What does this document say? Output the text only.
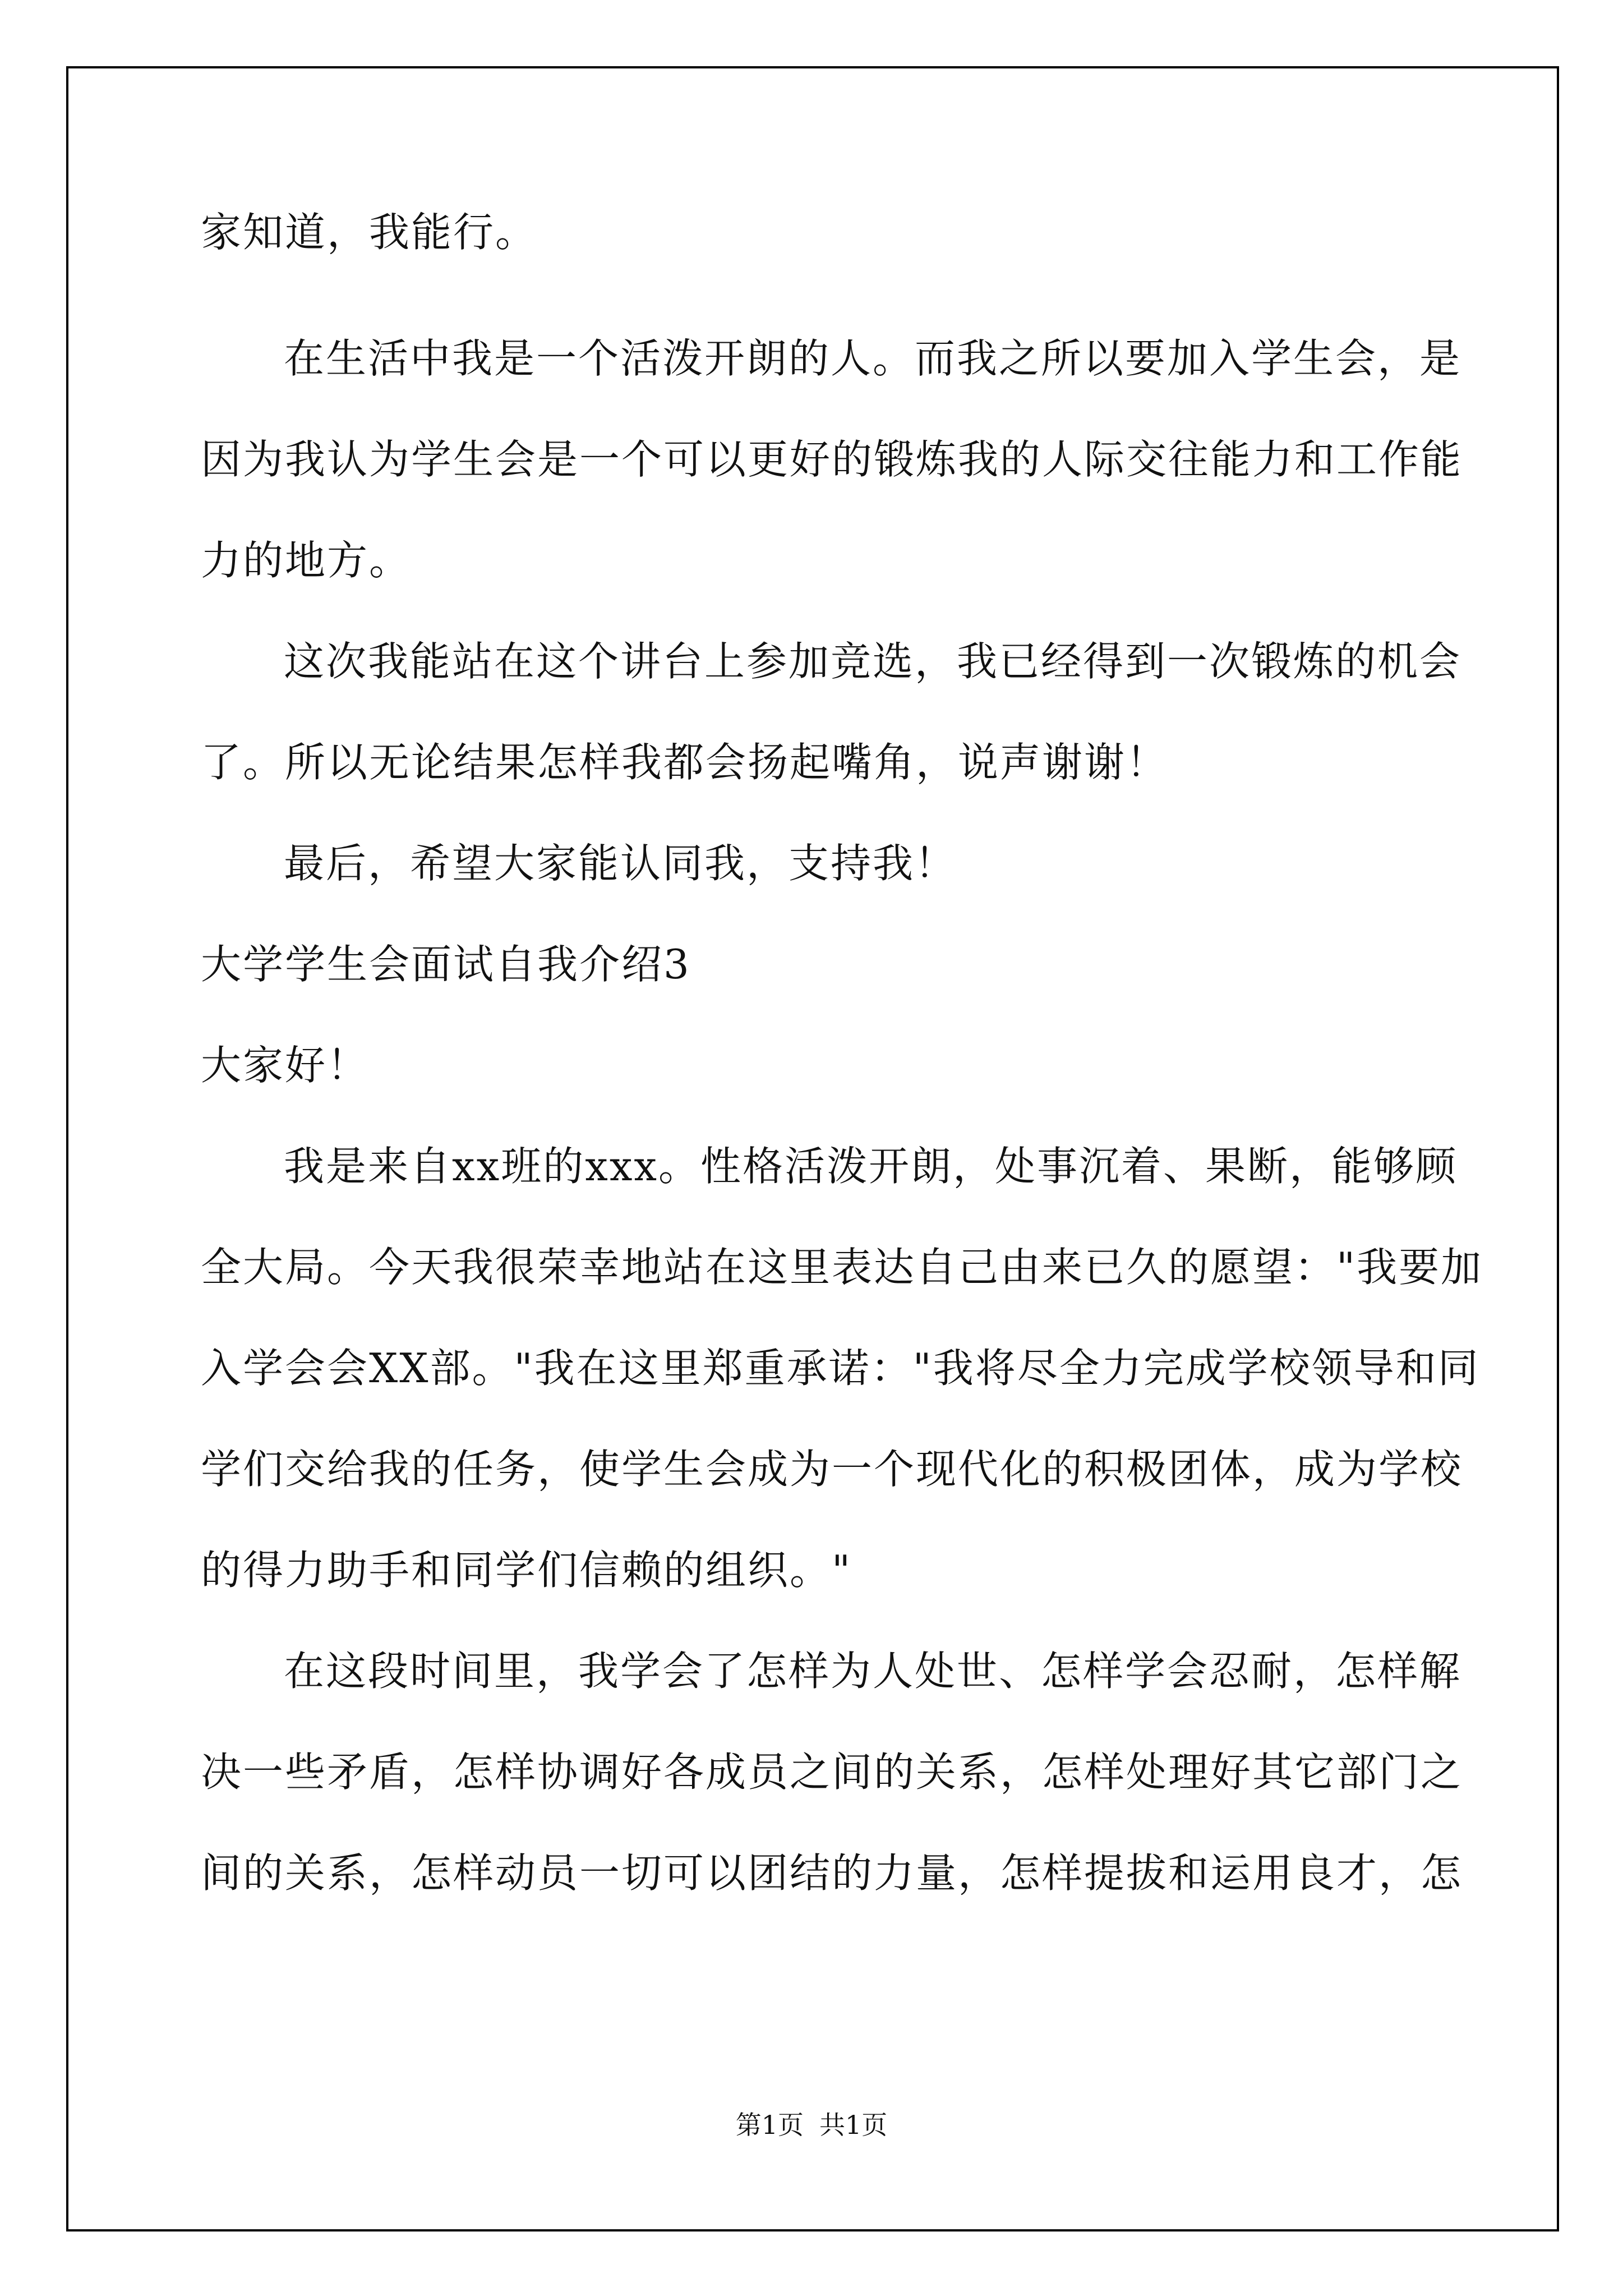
家知道，我能行。
在生活中我是一个活泼开朗的人。而我之所以要加入学生会，是
因为我认为学生会是一个可以更好的锻炼我的人际交往能力和工作能
力的地方。
这次我能站在这个讲台上参加竞选，我已经得到一次锻炼的机会
了。所以无论结果怎样我都会扬起嘴角，说声谢谢！
最后，希望大家能认同我，支持我！
大学学生会面试自我介绍3
大家好！
我是来自xx班的xxx。性格活泼开朗，处事沉着、果断，能够顾
全大局。今天我很荣幸地站在这里表达自己由来已久的愿望："我要加
入学会会XX部。"我在这里郑重承诺："我将尽全力完成学校领导和同
学们交给我的任务，使学生会成为一个现代化的积极团体，成为学校
的得力助手和同学们信赖的组织。"
在这段时间里，我学会了怎样为人处世、怎样学会忍耐，怎样解
决一些矛盾，怎样协调好各成员之间的关系，怎样处理好其它部门之
间的关系，怎样动员一切可以团结的力量，怎样提拔和运用良才，怎
第1页 共1页
